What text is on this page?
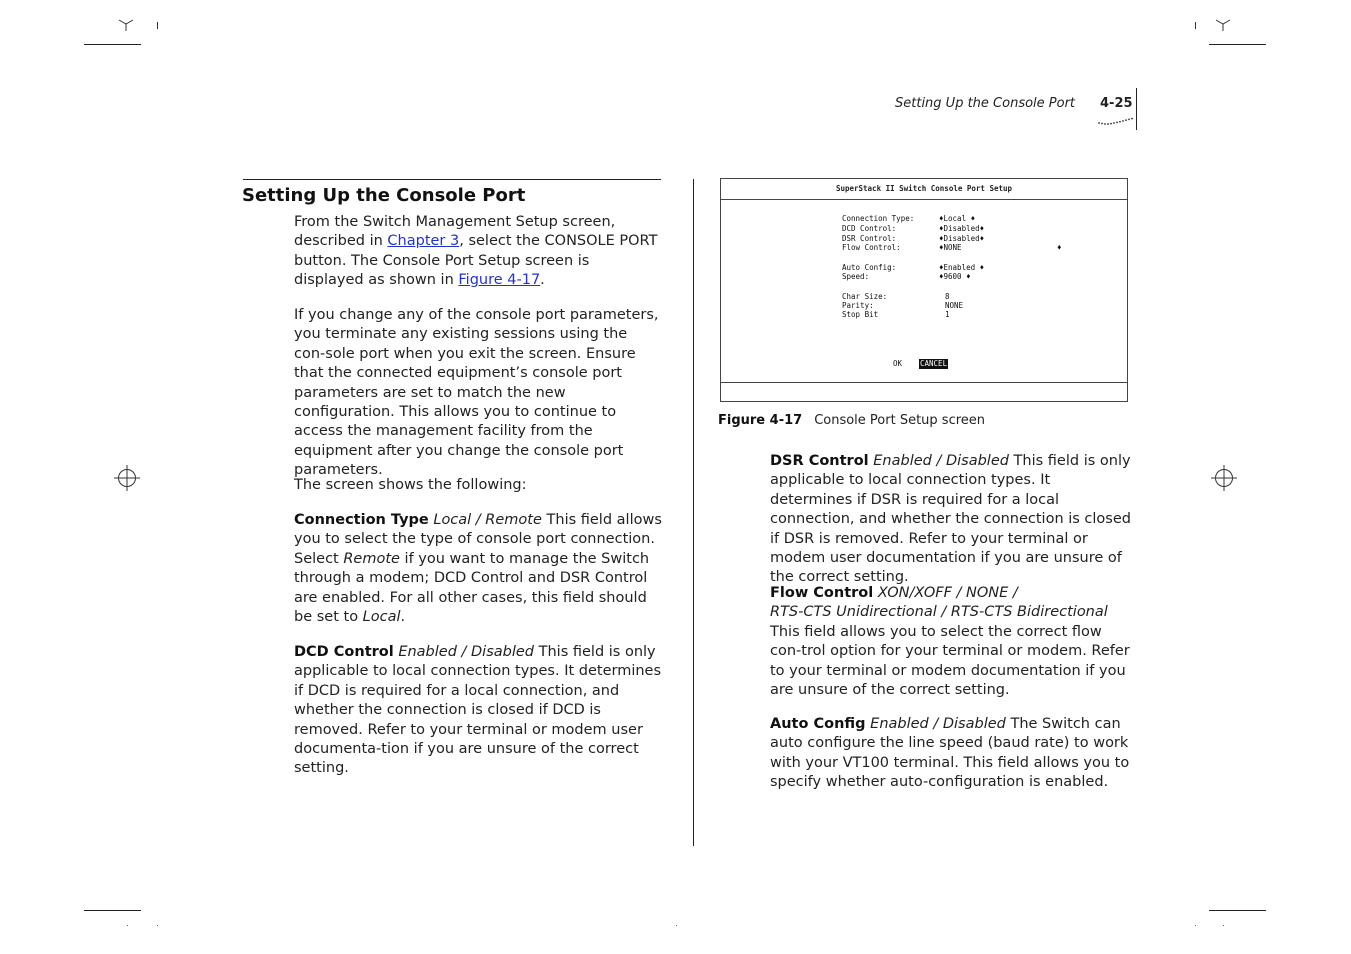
Setting Up the Console Port 4-25
Setting Up the Console Port

From the Switch Management Setup screen, described in Chapter 3, select the CONSOLE PORT button. The Console Port Setup screen is displayed as shown in Figure 4-17.

If you change any of the console port parameters, you terminate any existing sessions using the con-sole port when you exit the screen. Ensure that the connected equipment’s console port parameters are set to match the new configuration. This allows you to continue to access the management facility from the equipment after you change the console port parameters.
The screen shows the following:

Connection Type Local / Remote This field allows you to select the type of console port connection. Select Remote if you want to manage the Switch through a modem; DCD Control and DSR Control are enabled. For all other cases, this field should be set to Local.

DCD Control Enabled / Disabled This field is only applicable to local connection types. It determines if DCD is required for a local connection, and whether the connection is closed if DCD is removed. Refer to your terminal or modem user documenta-tion if you are unsure of the correct setting.

SuperStack II Switch Console Port Setup
Connection Type:	♦Local ♦
DCD Control:	♦Disabled♦
DSR Control:	♦Disabled♦
Flow Control:	♦NONE	♦
Auto Config:	♦Enabled ♦
Speed:	♦9600 ♦
Char Size:	8
Parity:	NONE
Stop Bit	1
OK CANCEL
Figure 4-17 Console Port Setup screen

DSR Control Enabled / Disabled This field is only applicable to local connection types. It determines if DSR is required for a local connection, and whether the connection is closed if DSR is removed. Refer to your terminal or modem user documentation if you are unsure of the correct setting.

Flow Control XON/XOFF / NONE /

RTS-CTS Unidirectional / RTS-CTS Bidirectional

This field allows you to select the correct flow con-trol option for your terminal or modem. Refer to your terminal or modem documentation if you are unsure of the correct setting.

Auto Config Enabled / Disabled The Switch can auto configure the line speed (baud rate) to work with your VT100 terminal. This field allows you to specify whether auto-configuration is enabled.
